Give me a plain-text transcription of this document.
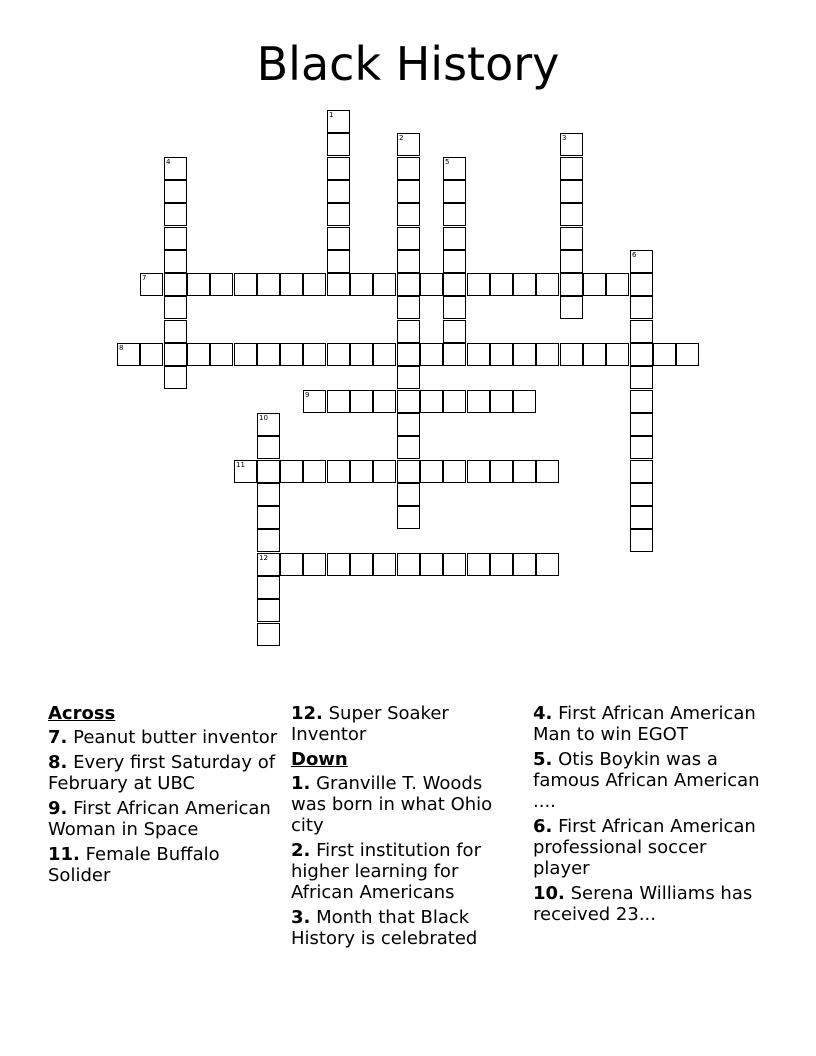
Black History
1
2	3
4	5
6
7
8
9
10
12
11
Across
7. Peanut butter inventor
8. Every first Saturday of February at UBC
9. First African American Woman in Space
11. Female Buffalo Solider
12. Super Soaker Inventor
Down
1. Granville T. Woods was born in what Ohio city
2. First institution for higher learning for African Americans
3. Month that Black History is celebrated
4. First African American Man to win EGOT
5. Otis Boykin was a famous African American ....
6. First African American professional soccer player
10. Serena Williams has received 23...
